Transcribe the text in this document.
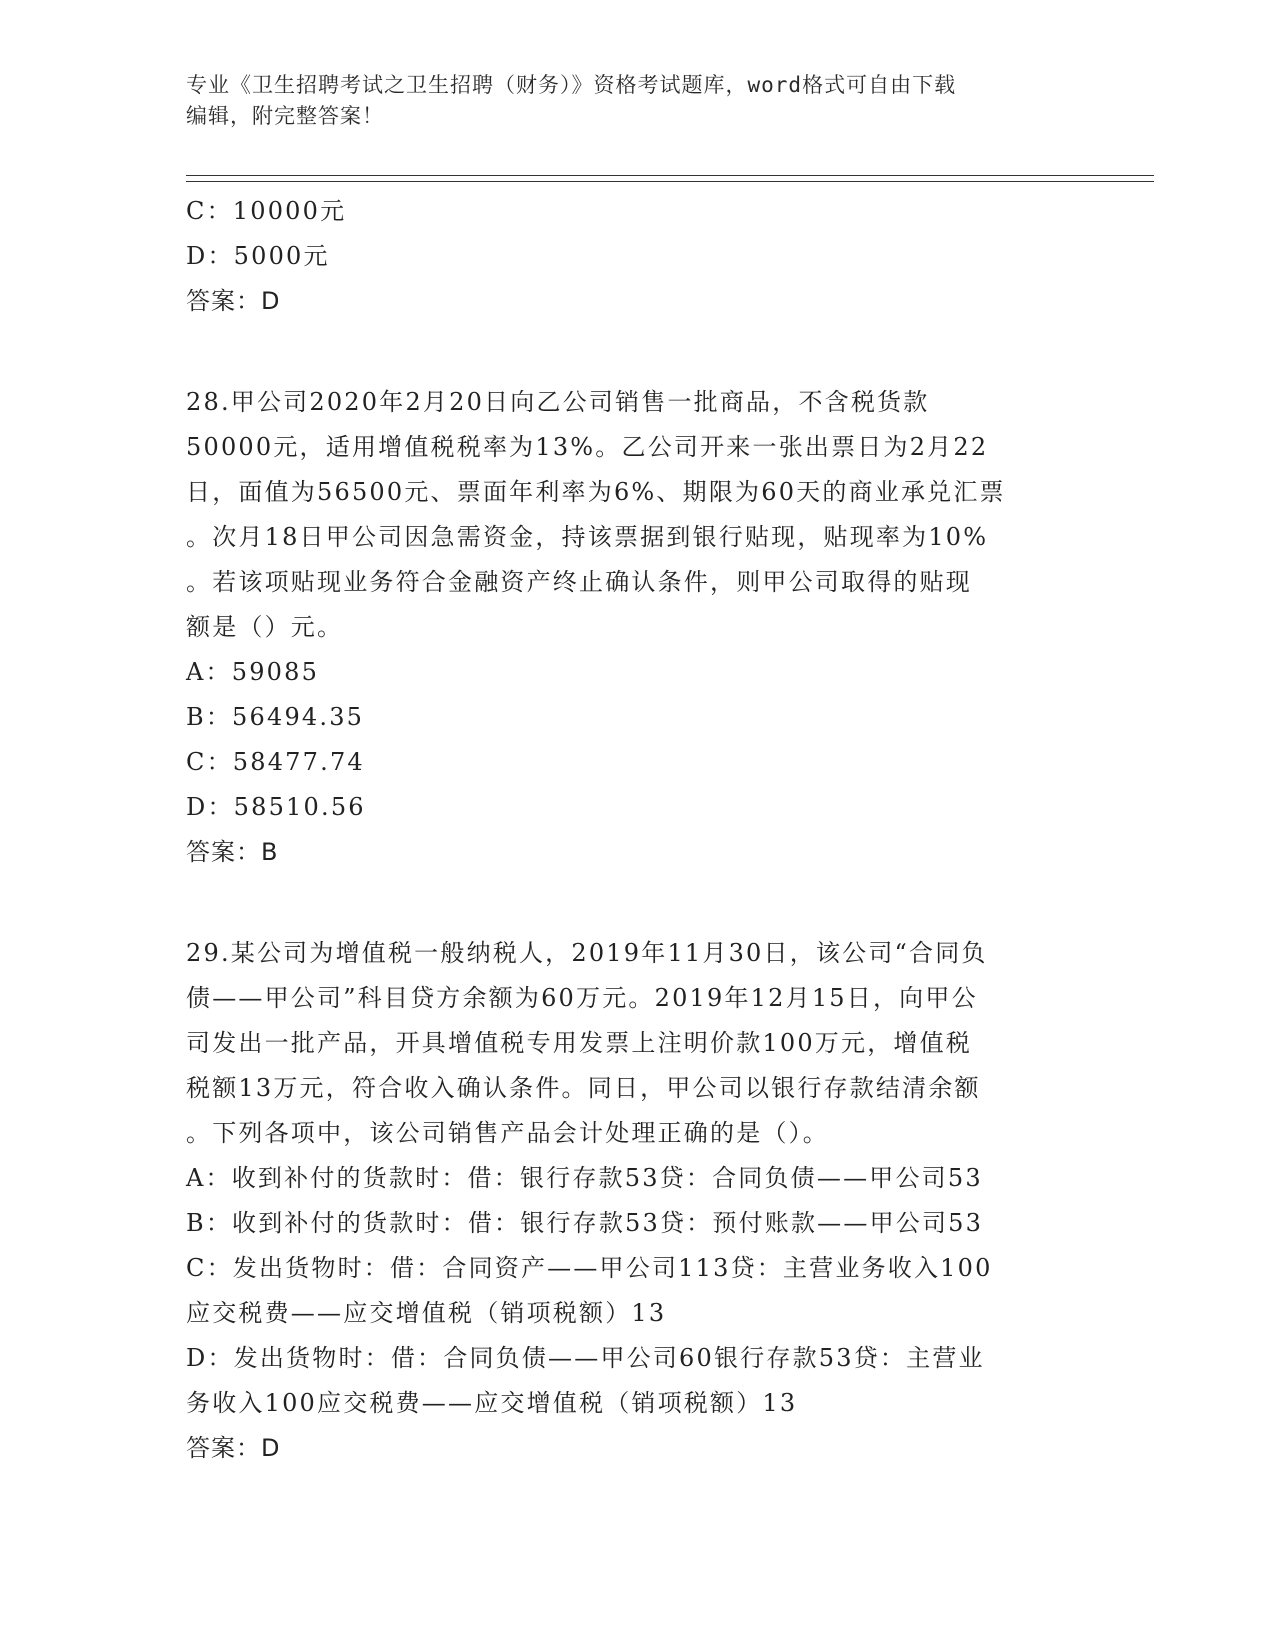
专业《卫生招聘考试之卫生招聘（财务）》资格考试题库，word格式可自由下载
编辑，附完整答案！
C：10000元
D：5000元
答案：D
28.甲公司2020年2月20日向乙公司销售一批商品，不含税货款
50000元，适用增值税税率为13%。乙公司开来一张出票日为2月22
日，面值为56500元、票面年利率为6%、期限为60天的商业承兑汇票
。次月18日甲公司因急需资金，持该票据到银行贴现，贴现率为10%
。若该项贴现业务符合金融资产终止确认条件，则甲公司取得的贴现
额是（）元。
A：59085
B：56494.35
C：58477.74
D：58510.56
答案：B
29.某公司为增值税一般纳税人，2019年11月30日，该公司“合同负
债——甲公司”科目贷方余额为60万元。2019年12月15日，向甲公
司发出一批产品，开具增值税专用发票上注明价款100万元，增值税
税额13万元，符合收入确认条件。同日，甲公司以银行存款结清余额
。下列各项中，该公司销售产品会计处理正确的是（）。
A：收到补付的货款时：借：银行存款53贷：合同负债——甲公司53
B：收到补付的货款时：借：银行存款53贷：预付账款——甲公司53
C：发出货物时：借：合同资产——甲公司113贷：主营业务收入100
应交税费——应交增值税（销项税额）13
D：发出货物时：借：合同负债——甲公司60银行存款53贷：主营业
务收入100应交税费——应交增值税（销项税额）13
答案：D
